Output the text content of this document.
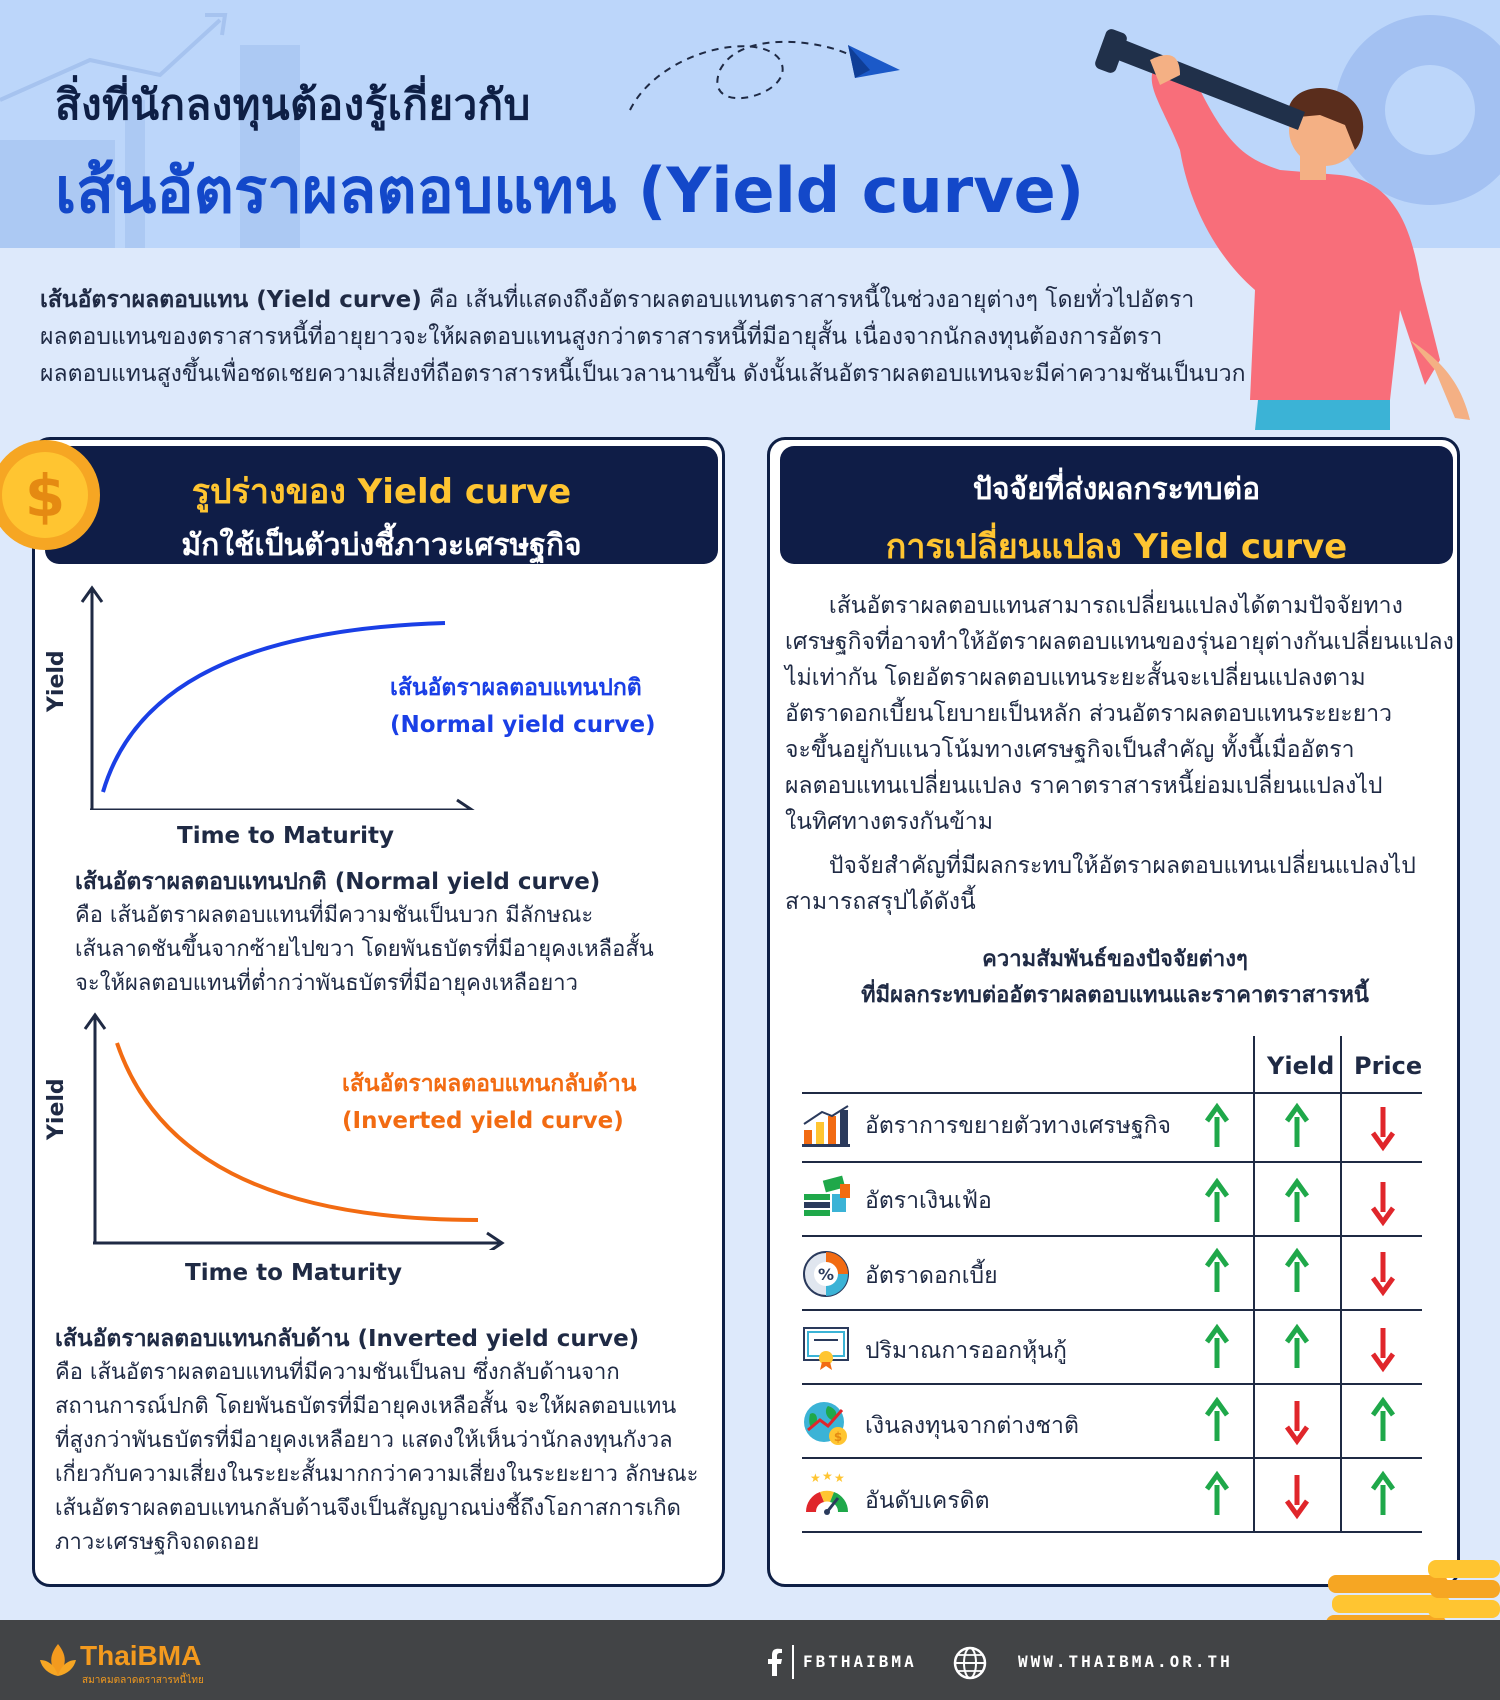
สิ่งที่นักลงทุนต้องรู้เกี่ยวกับ
เส้นอัตราผลตอบแทน (Yield curve)
เส้นอัตราผลตอบแทน (Yield curve) คือ เส้นที่แสดงถึงอัตราผลตอบแทนตราสารหนี้ในช่วงอายุต่างๆ โดยทั่วไปอัตรา
ผลตอบแทนของตราสารหนี้ที่อายุยาวจะให้ผลตอบแทนสูงกว่าตราสารหนี้ที่มีอายุสั้น เนื่องจากนักลงทุนต้องการอัตรา
ผลตอบแทนสูงขึ้นเพื่อชดเชยความเสี่ยงที่ถือตราสารหนี้เป็นเวลานานขึ้น ดังนั้นเส้นอัตราผลตอบแทนจะมีค่าความชันเป็นบวก
รูปร่างของ Yield curve
มักใช้เป็นตัวบ่งชี้ภาวะเศรษฐกิจ
$
Yield
Time to Maturity
เส้นอัตราผลตอบแทนปกติ
(Normal yield curve)
เส้นอัตราผลตอบแทนปกติ (Normal yield curve)
คือ เส้นอัตราผลตอบแทนที่มีความชันเป็นบวก มีลักษณะ
เส้นลาดชันขึ้นจากซ้ายไปขวา โดยพันธบัตรที่มีอายุคงเหลือสั้น
จะให้ผลตอบแทนที่ต่ำกว่าพันธบัตรที่มีอายุคงเหลือยาว
Yield
Time to Maturity
เส้นอัตราผลตอบแทนกลับด้าน
(Inverted yield curve)
เส้นอัตราผลตอบแทนกลับด้าน (Inverted yield curve)
คือ เส้นอัตราผลตอบแทนที่มีความชันเป็นลบ ซึ่งกลับด้านจาก
สถานการณ์ปกติ โดยพันธบัตรที่มีอายุคงเหลือสั้น จะให้ผลตอบแทน
ที่สูงกว่าพันธบัตรที่มีอายุคงเหลือยาว แสดงให้เห็นว่านักลงทุนกังวล
เกี่ยวกับความเสี่ยงในระยะสั้นมากกว่าความเสี่ยงในระยะยาว ลักษณะ
เส้นอัตราผลตอบแทนกลับด้านจึงเป็นสัญญาณบ่งชี้ถึงโอกาสการเกิด
ภาวะเศรษฐกิจถดถอย
ปัจจัยที่ส่งผลกระทบต่อ
การเปลี่ยนแปลง Yield curve
เส้นอัตราผลตอบแทนสามารถเปลี่ยนแปลงได้ตามปัจจัยทาง
เศรษฐกิจที่อาจทำให้อัตราผลตอบแทนของรุ่นอายุต่างกันเปลี่ยนแปลง
ไม่เท่ากัน โดยอัตราผลตอบแทนระยะสั้นจะเปลี่ยนแปลงตาม
อัตราดอกเบี้ยนโยบายเป็นหลัก ส่วนอัตราผลตอบแทนระยะยาว
จะขึ้นอยู่กับแนวโน้มทางเศรษฐกิจเป็นสำคัญ ทั้งนี้เมื่ออัตรา
ผลตอบแทนเปลี่ยนแปลง ราคาตราสารหนี้ย่อมเปลี่ยนแปลงไป
ในทิศทางตรงกันข้าม
ปัจจัยสำคัญที่มีผลกระทบให้อัตราผลตอบแทนเปลี่ยนแปลงไป
สามารถสรุปได้ดังนี้
ความสัมพันธ์ของปัจจัยต่างๆ
ที่มีผลกระทบต่ออัตราผลตอบแทนและราคาตราสารหนี้
Yield Price
อัตราการขยายตัวทางเศรษฐกิจ
อัตราเงินเฟ้อ
% อัตราดอกเบี้ย
ปริมาณการออกหุ้นกู้
$ เงินลงทุนจากต่างชาติ
★ ★ ★
อันดับเครดิต
ThaiBMA
สมาคมตลาดตราสารหนี้ไทย
FBTHAIBMA	WWW.THAIBMA.OR.TH
